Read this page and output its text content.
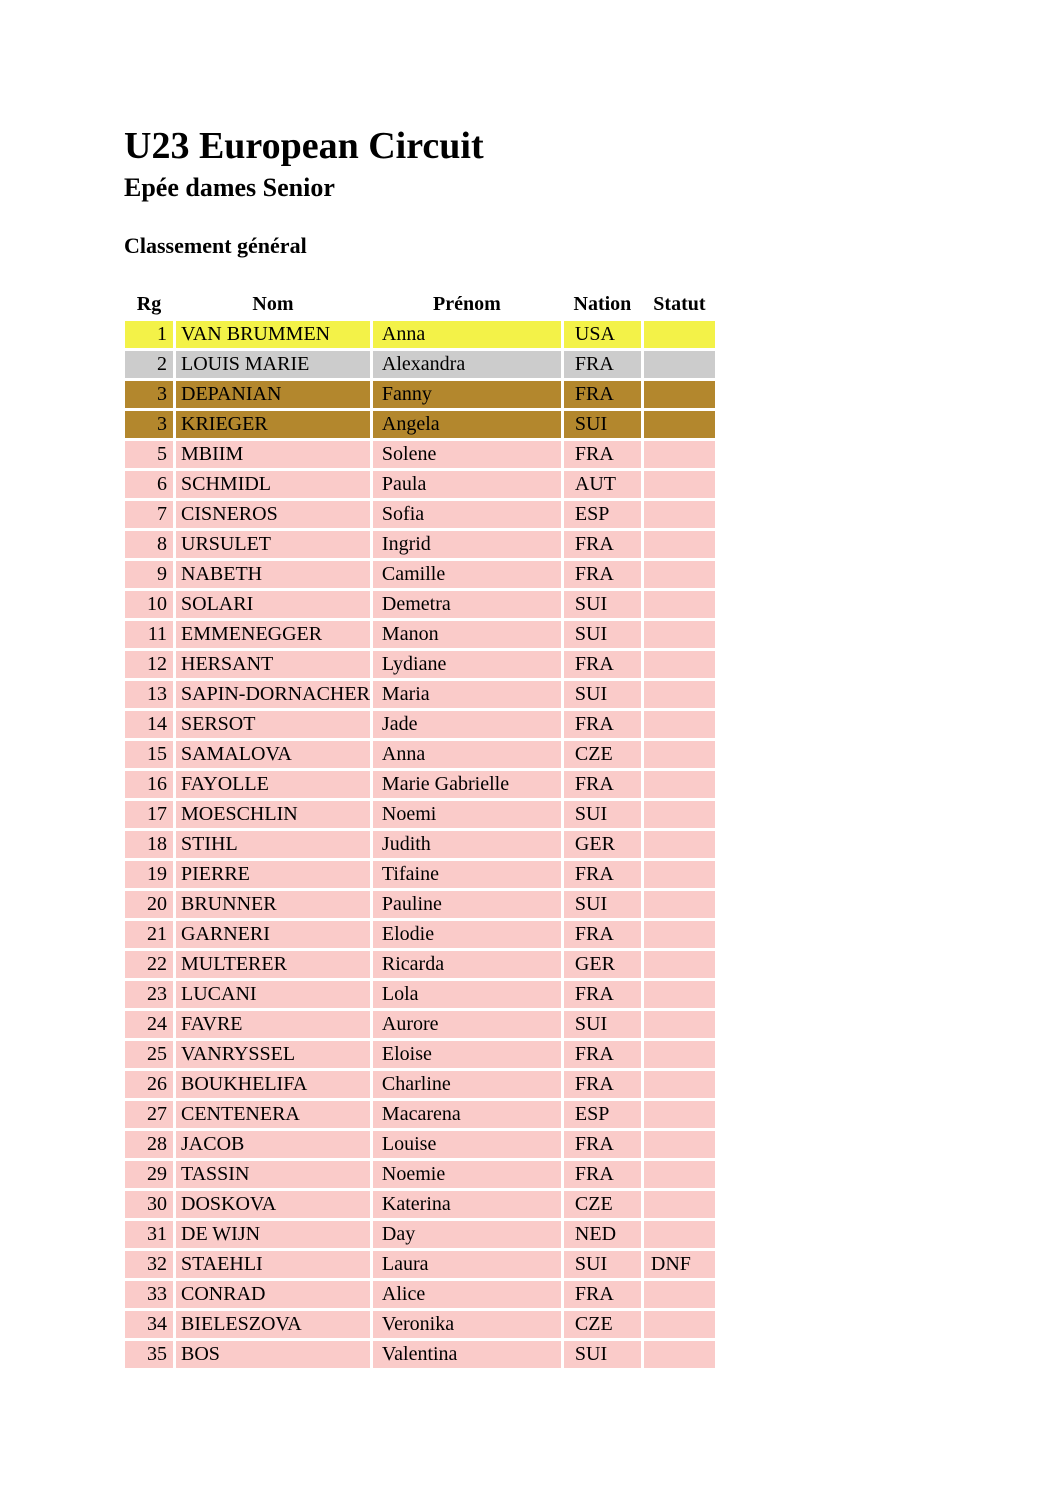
U23 European Circuit
Epée dames Senior
Classement général
Rg	Nom	Prénom	Nation	Statut
1	VAN BRUMMEN	Anna	USA	
2	LOUIS MARIE	Alexandra	FRA	
3	DEPANIAN	Fanny	FRA	
3	KRIEGER	Angela	SUI	
5	MBIIM	Solene	FRA	
6	SCHMIDL	Paula	AUT	
7	CISNEROS	Sofia	ESP	
8	URSULET	Ingrid	FRA	
9	NABETH	Camille	FRA	
10	SOLARI	Demetra	SUI	
11	EMMENEGGER	Manon	SUI	
12	HERSANT	Lydiane	FRA	
13	SAPIN-DORNACHER	Maria	SUI	
14	SERSOT	Jade	FRA	
15	SAMALOVA	Anna	CZE	
16	FAYOLLE	Marie Gabrielle	FRA	
17	MOESCHLIN	Noemi	SUI	
18	STIHL	Judith	GER	
19	PIERRE	Tifaine	FRA	
20	BRUNNER	Pauline	SUI	
21	GARNERI	Elodie	FRA	
22	MULTERER	Ricarda	GER	
23	LUCANI	Lola	FRA	
24	FAVRE	Aurore	SUI	
25	VANRYSSEL	Eloise	FRA	
26	BOUKHELIFA	Charline	FRA	
27	CENTENERA	Macarena	ESP	
28	JACOB	Louise	FRA	
29	TASSIN	Noemie	FRA	
30	DOSKOVA	Katerina	CZE	
31	DE WIJN	Day	NED	
32	STAEHLI	Laura	SUI	DNF
33	CONRAD	Alice	FRA	
34	BIELESZOVA	Veronika	CZE	
35	BOS	Valentina	SUI	
